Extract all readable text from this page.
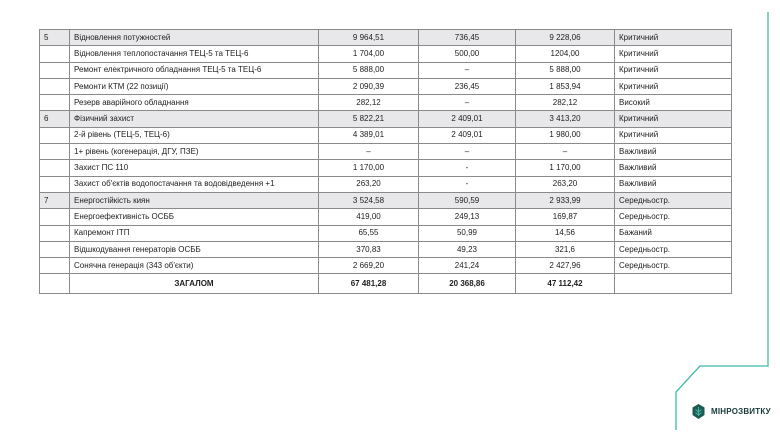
5	Відновлення потужностей	9 964,51	736,45	9 228,06	Критичний
	Відновлення теплопостачання ТЕЦ-5 та ТЕЦ-6	1 704,00	500,00	1204,00	Критичний
	Ремонт електричного обладнання ТЕЦ-5 та ТЕЦ-6	5 888,00	–	5 888,00	Критичний
	Ремонти КТМ (22 позиції)	2 090,39	236,45	1 853,94	Критичний
	Резерв аварійного обладнання	282,12	–	282,12	Високий
6	Фізичний захист	5 822,21	2 409,01	3 413,20	Критичний
	2-й рівень (ТЕЦ-5, ТЕЦ-6)	4 389,01	2 409,01	1 980,00	Критичний
	1+ рівень (когенерація, ДГУ, ПЗЕ)	–	–	–	Важливий
	Захист ПС 110	1 170,00	-	1 170,00	Важливий
	Захист об'єктів водопостачання та водовідведення +1	263,20	-	263,20	Важливий
7	Енергостійкість киян	3 524,58	590,59	2 933,99	Середньостр.
	Енергоефективність ОСББ	419,00	249,13	169,87	Середньостр.
	Капремонт ІТП	65,55	50,99	14,56	Бажаний
	Відшкодування генераторів ОСББ	370,83	49,23	321,6	Середньостр.
	Сонячна генерація (343 об'єкти)	2 669,20	241,24	2 427,96	Середньостр.
	ЗАГАЛОМ	67 481,28	20 368,86	47 112,42	
МІНРОЗВИТКУ
